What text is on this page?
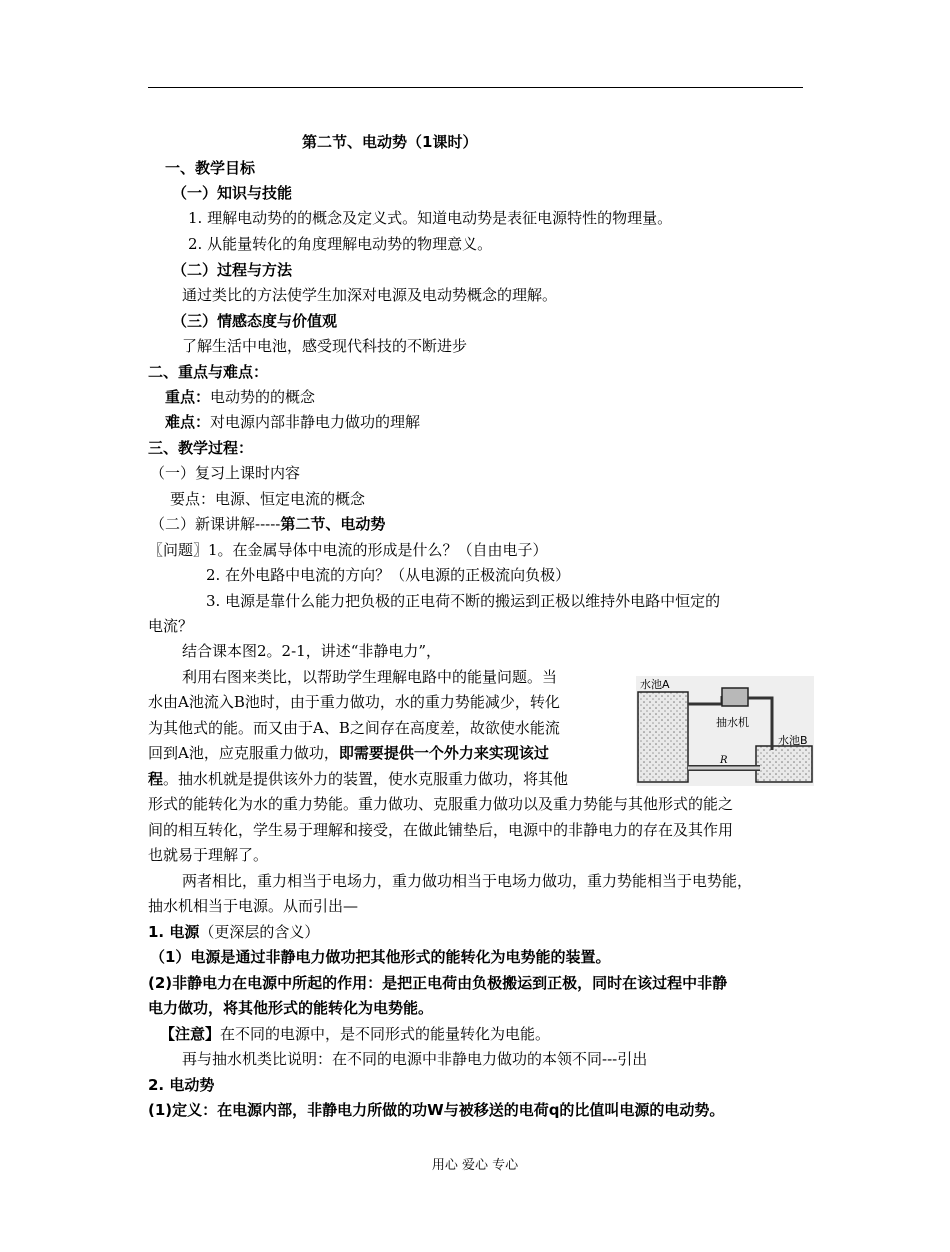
第二节、电动势（1课时）
一、教学目标
（一）知识与技能
1. 理解电动势的的概念及定义式。知道电动势是表征电源特性的物理量。
2. 从能量转化的角度理解电动势的物理意义。
（二）过程与方法
通过类比的方法使学生加深对电源及电动势概念的理解。
（三）情感态度与价值观
了解生活中电池，感受现代科技的不断进步
二、重点与难点：
重点：电动势的的概念
难点：对电源内部非静电力做功的理解
三、教学过程：
（一）复习上课时内容
要点：电源、恒定电流的概念
（二）新课讲解-----第二节、电动势
〖问题〗1。在金属导体中电流的形成是什么？（自由电子）
2. 在外电路中电流的方向？（从电源的正极流向负极）
3. 电源是靠什么能力把负极的正电荷不断的搬运到正极以维持外电路中恒定的
电流？
结合课本图2。2-1，讲述“非静电力”，
利用右图来类比，以帮助学生理解电路中的能量问题。当
水由A池流入B池时，由于重力做功，水的重力势能减少，转化
为其他式的能。而又由于A、B之间存在高度差，故欲使水能流
回到A池，应克服重力做功，即需要提供一个外力来实现该过
程。抽水机就是提供该外力的装置，使水克服重力做功，将其他
形式的能转化为水的重力势能。重力做功、克服重力做功以及重力势能与其他形式的能之
间的相互转化，学生易于理解和接受，在做此铺垫后，电源中的非静电力的存在及其作用
也就易于理解了。
两者相比，重力相当于电场力，重力做功相当于电场力做功，重力势能相当于电势能，
抽水机相当于电源。从而引出—
1. 电源（更深层的含义）
（1）电源是通过非静电力做功把其他形式的能转化为电势能的装置。
(2)非静电力在电源中所起的作用：是把正电荷由负极搬运到正极，同时在该过程中非静
电力做功，将其他形式的能转化为电势能。
【注意】在不同的电源中，是不同形式的能量转化为电能。
再与抽水机类比说明：在不同的电源中非静电力做功的本领不同---引出
2. 电动势
(1)定义：在电源内部，非静电力所做的功W与被移送的电荷q的比值叫电源的电动势。
水池A
抽水机
水池B
R
用心 爱心 专心
